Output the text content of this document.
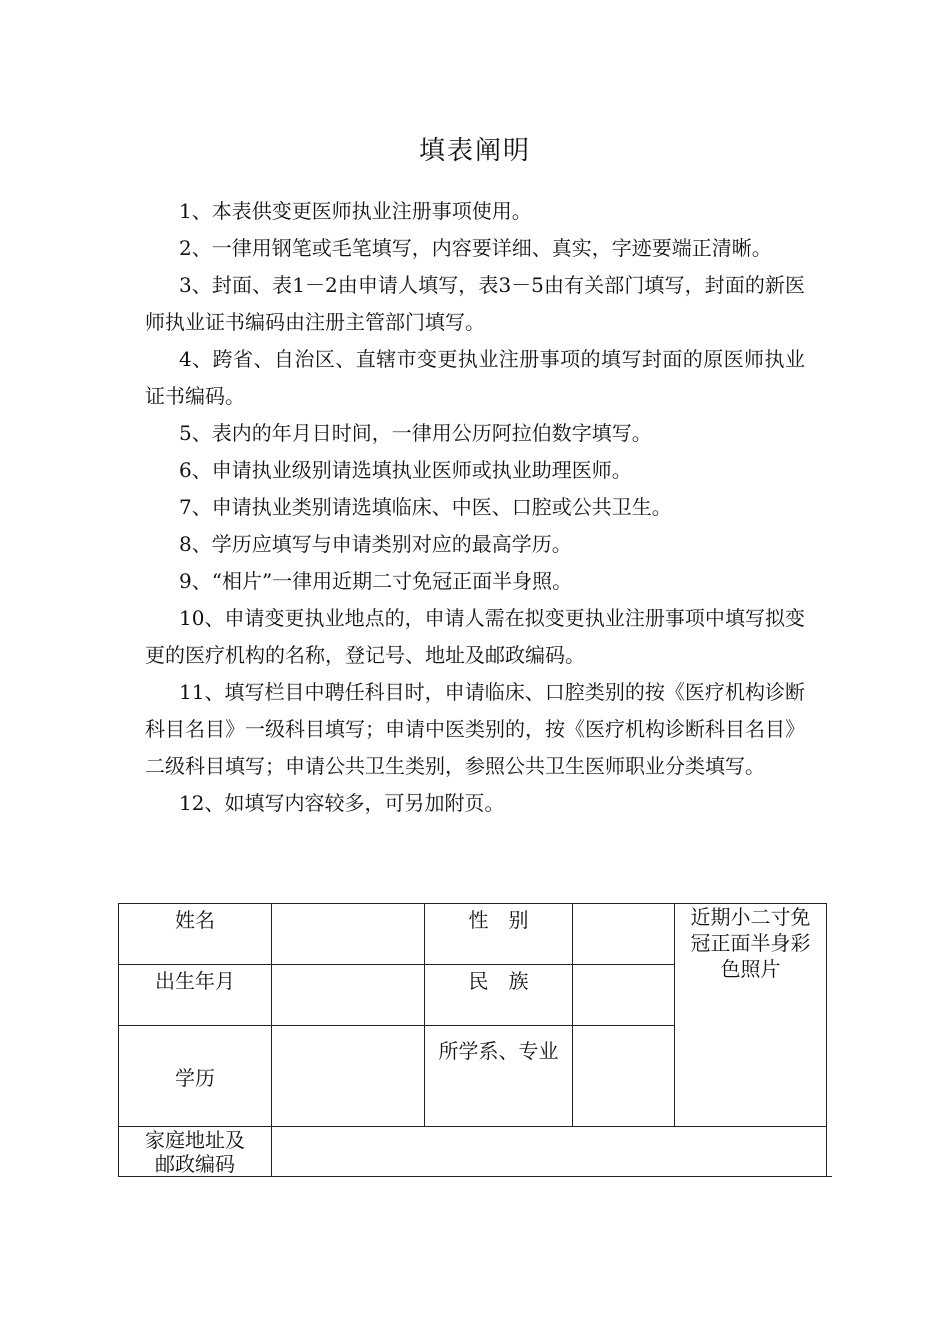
填表阐明
1、本表供变更医师执业注册事项使用。
2、一律用钢笔或毛笔填写，内容要详细、真实，字迹要端正清晰。
3、封面、表1－2由申请人填写，表3－5由有关部门填写，封面的新医师执业证书编码由注册主管部门填写。
4、跨省、自治区、直辖市变更执业注册事项的填写封面的原医师执业证书编码。
5、表内的年月日时间，一律用公历阿拉伯数字填写。
6、申请执业级别请选填执业医师或执业助理医师。
7、申请执业类别请选填临床、中医、口腔或公共卫生。
8、学历应填写与申请类别对应的最高学历。
9、“相片”一律用近期二寸免冠正面半身照。
10、申请变更执业地点的，申请人需在拟变更执业注册事项中填写拟变更的医疗机构的名称，登记号、地址及邮政编码。
11、填写栏目中聘任科目时，申请临床、口腔类别的按《医疗机构诊断科目名目》一级科目填写；申请中医类别的，按《医疗机构诊断科目名目》二级科目填写；申请公共卫生类别，参照公共卫生医师职业分类填写。
12、如填写内容较多，可另加附页。
姓名		性　别		近期小二寸免冠正面半身彩色照片

出生年月		民　族		
学历		所学系、专业		
家庭地址及
邮政编码				
